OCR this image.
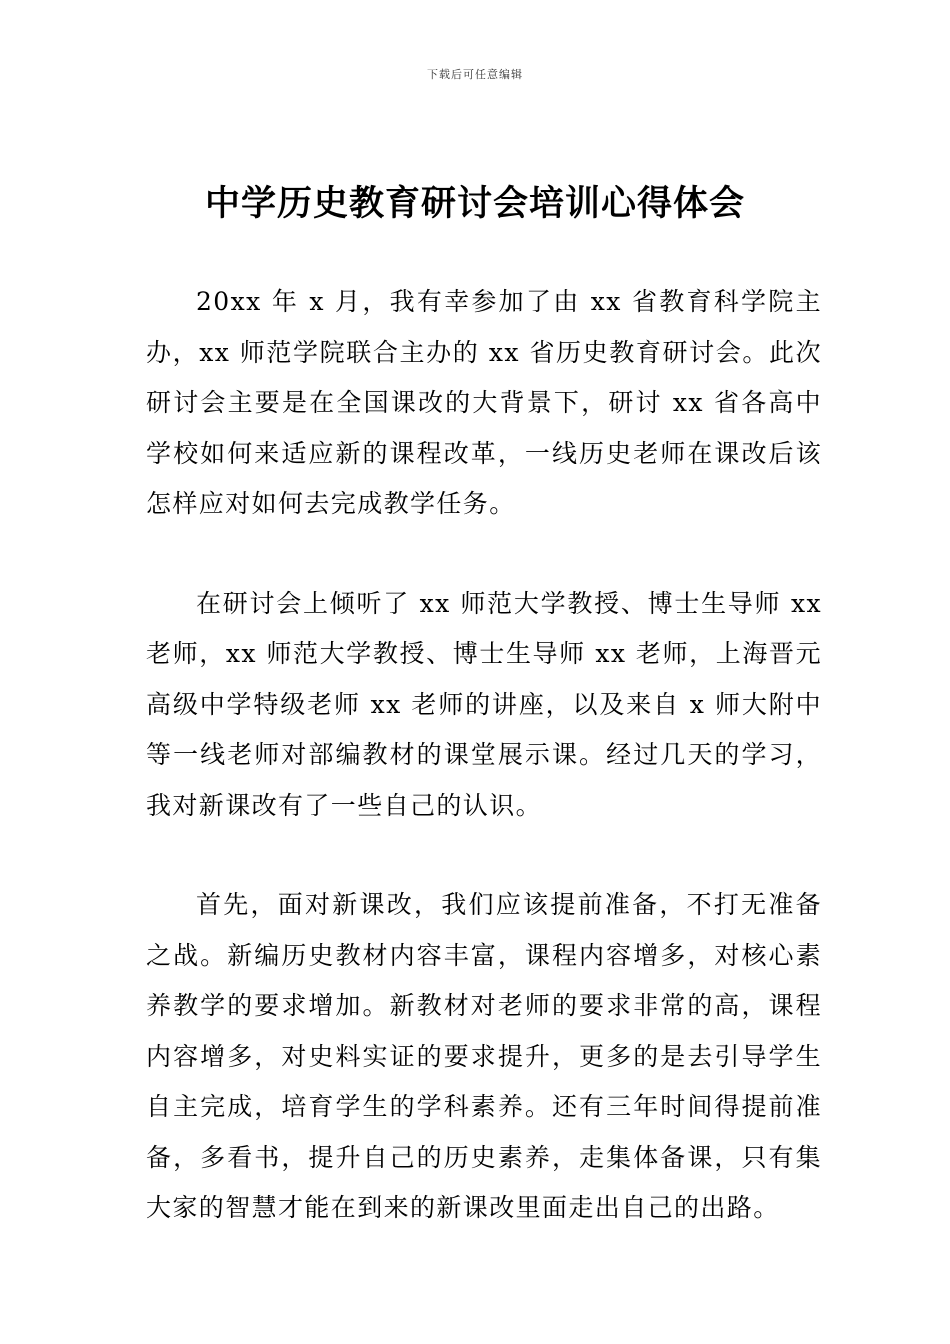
下载后可任意编辑
中学历史教育研讨会培训心得体会

20xx 年 x 月，我有幸参加了由 xx 省教育科学院主办，xx 师范学院联合主办的 xx 省历史教育研讨会。此次研讨会主要是在全国课改的大背景下，研讨 xx 省各高中学校如何来适应新的课程改革，一线历史老师在课改后该怎样应对如何去完成教学任务。

在研讨会上倾听了 xx 师范大学教授、博士生导师 xx 老师，xx 师范大学教授、博士生导师 xx 老师，上海晋元高级中学特级老师 xx 老师的讲座，以及来自 x 师大附中等一线老师对部编教材的课堂展示课。经过几天的学习，我对新课改有了一些自己的认识。

首先，面对新课改，我们应该提前准备，不打无准备之战。新编历史教材内容丰富，课程内容增多，对核心素养教学的要求增加。新教材对老师的要求非常的高，课程内容增多，对史料实证的要求提升，更多的是去引导学生自主完成，培育学生的学科素养。还有三年时间得提前准备，多看书，提升自己的历史素养，走集体备课，只有集大家的智慧才能在到来的新课改里面走出自己的出路。
